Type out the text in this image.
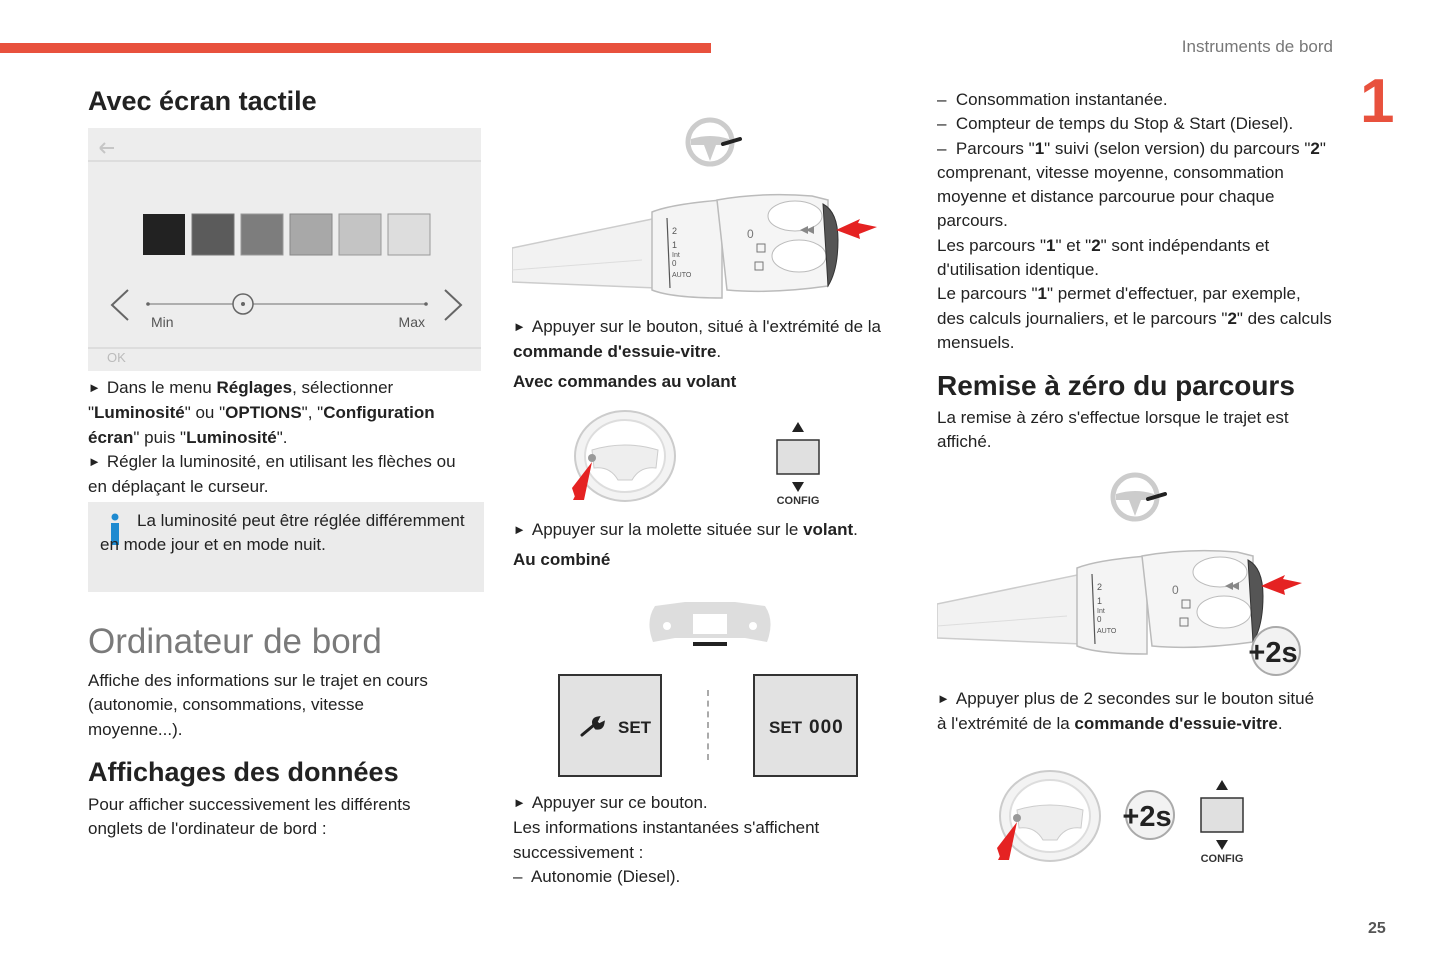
Instruments de bord
1
25
Avec écran tactile
Min	Max
OK
► Dans le menu Réglages, sélectionner "Luminosité" ou "OPTIONS", "Configuration écran" puis "Luminosité".
► Régler la luminosité, en utilisant les flèches ou en déplaçant le curseur.
La luminosité peut être réglée différemment en mode jour et en mode nuit.
Ordinateur de bord
Affiche des informations sur le trajet en cours (autonomie, consommations, vitesse moyenne...).
Affichages des données
Pour afficher successivement les différents onglets de l'ordinateur de bord :
2
1
Int
0
AUTO
0
► Appuyer sur le bouton, situé à l'extrémité de la commande d'essuie-vitre.
Avec commandes au volant
CONFIG
► Appuyer sur la molette située sur le volant.
Au combiné
SET	SET 000
► Appuyer sur ce bouton.
Les informations instantanées s'affichent successivement :
–  Autonomie (Diesel).
–  Consommation instantanée.
–  Compteur de temps du Stop & Start (Diesel).
–  Parcours "1" suivi (selon version) du parcours "2" comprenant, vitesse moyenne, consommation moyenne et distance parcourue pour chaque parcours.
Les parcours "1" et "2" sont indépendants et d'utilisation identique.
Le parcours "1" permet d'effectuer, par exemple, des calculs journaliers, et le parcours "2" des calculs mensuels.
Remise à zéro du parcours
La remise à zéro s'effectue lorsque le trajet est affiché.
2
1
Int
0
AUTO
0
+2s
► Appuyer plus de 2 secondes sur le bouton situé à l'extrémité de la commande d'essuie-vitre.
+2s
CONFIG
